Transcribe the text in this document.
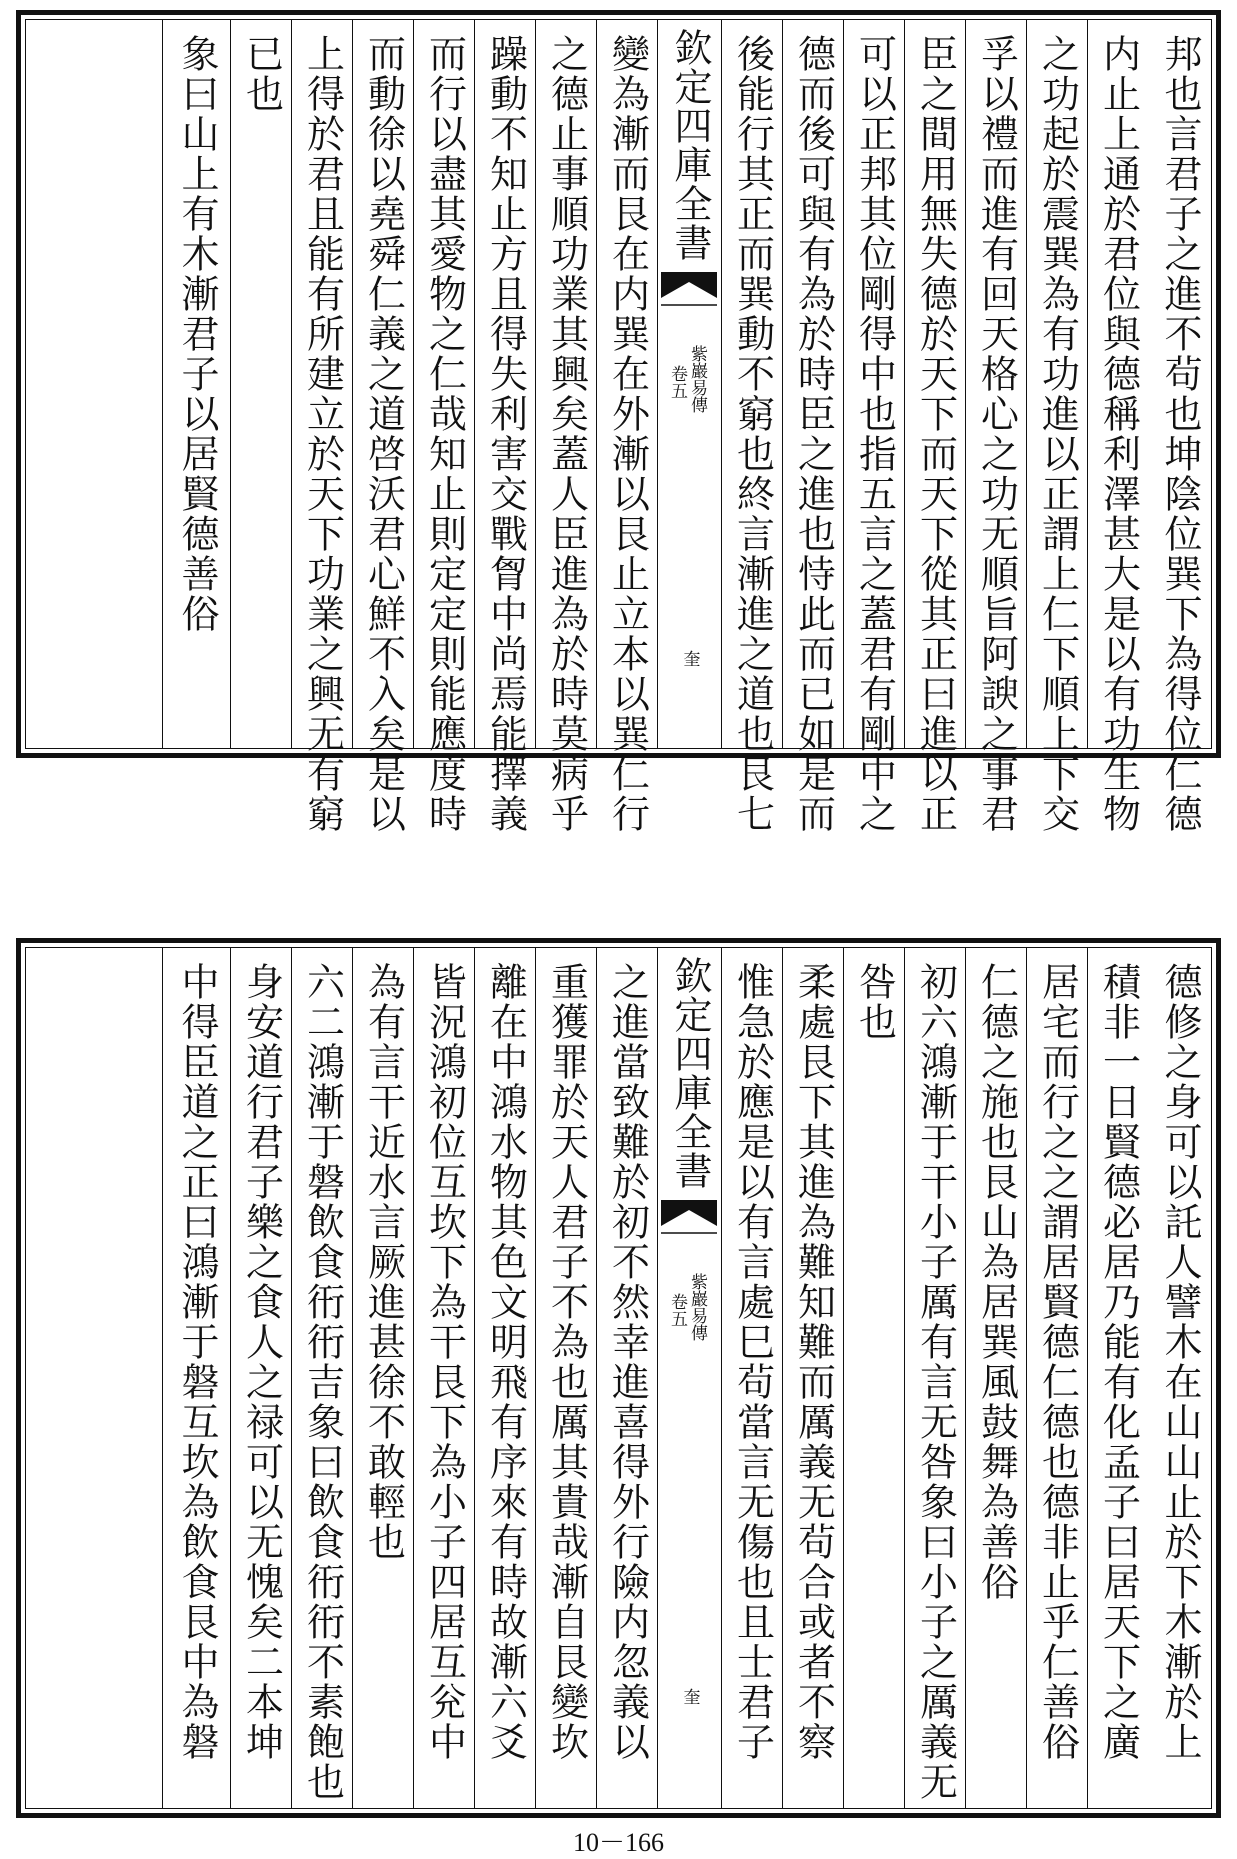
邦也言君子之進不茍也坤陰位巽下為得位仁德
内止上通於君位與德稱利澤甚大是以有功生物
之功起於震巽為有功進以正謂上仁下順上下交
孚以禮而進有回天格心之功无順旨阿諛之事君
臣之間用無失德於天下而天下從其正曰進以正
可以正邦其位剛得中也指五言之蓋君有剛中之
德而後可與有為於時臣之進也恃此而已如是而
後能行其正而巽動不窮也終言漸進之道也艮七
欽定四庫全書
紫巖易傳
卷五
奎
變為漸而艮在内巽在外漸以艮止立本以巽仁行
之德止事順功業其興矣蓋人臣進為於時莫病乎
躁動不知止方且得失利害交戰胷中尚焉能擇義
而行以盡其愛物之仁哉知止則定定則能應度時
而動徐以堯舜仁義之道啓沃君心鮮不入矣是以
上得於君且能有所建立於天下功業之興无有窮
已也
象曰山上有木漸君子以居賢德善俗
德修之身可以託人譬木在山山止於下木漸於上
積非一日賢德必居乃能有化孟子曰居天下之廣
居宅而行之之謂居賢德仁德也德非止乎仁善俗
仁德之施也艮山為居巽風鼓舞為善俗
初六鴻漸于干小子厲有言无咎象曰小子之厲義无
咎也
柔處艮下其進為難知難而厲義无茍合或者不察
惟急於應是以有言處巳茍當言无傷也且士君子
欽定四庫全書
紫巖易傳
卷五
奎
之進當致難於初不然幸進喜得外行險内忽義以
重獲罪於天人君子不為也厲其貴哉漸自艮變坎
離在中鴻水物其色文明飛有序來有時故漸六爻
皆況鴻初位互坎下為干艮下為小子四居互兊中
為有言干近水言厥進甚徐不敢輕也
六二鴻漸于磐飲食衎衎吉象曰飲食衎衎不素飽也
身安道行君子樂之食人之禄可以无愧矣二本坤
中得臣道之正曰鴻漸于磐互坎為飲食艮中為磐
10－166
